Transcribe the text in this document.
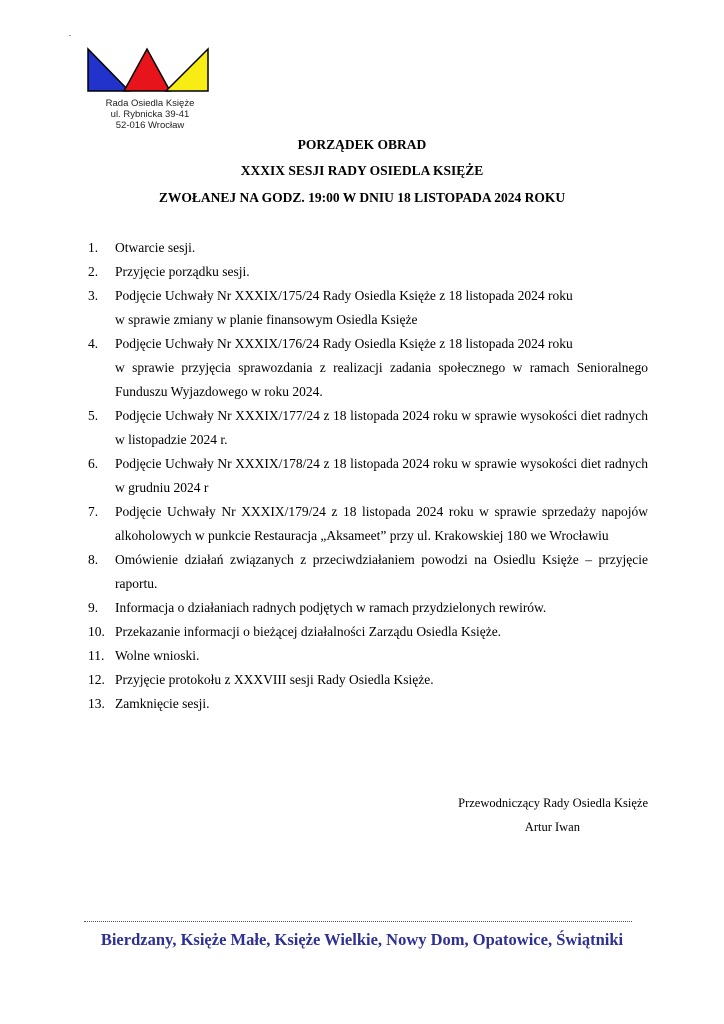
.
Rada Osiedla Księże
ul. Rybnicka 39-41
52-016 Wrocław
PORZĄDEK OBRAD
XXXIX SESJI RADY OSIEDLA KSIĘŻE
ZWOŁANEJ NA GODZ. 19:00 W DNIU 18 LISTOPADA 2024 ROKU
1. Otwarcie sesji.
2. Przyjęcie porządku sesji.
3. Podjęcie Uchwały Nr XXXIX/175/24 Rady Osiedla Księże z 18 listopada 2024 roku
w sprawie zmiany w planie finansowym Osiedla Księże
4. Podjęcie Uchwały Nr XXXIX/176/24 Rady Osiedla Księże z 18 listopada 2024 roku
w sprawie przyjęcia sprawozdania z realizacji zadania społecznego w ramach Senioralnego Funduszu Wyjazdowego w roku 2024.
5. Podjęcie Uchwały Nr XXXIX/177/24 z 18 listopada 2024 roku w sprawie wysokości diet radnych w listopadzie 2024 r.
6. Podjęcie Uchwały Nr XXXIX/178/24 z 18 listopada 2024 roku w sprawie wysokości diet radnych w grudniu 2024 r
7. Podjęcie Uchwały Nr XXXIX/179/24 z 18 listopada 2024 roku w sprawie sprzedaży napojów alkoholowych w punkcie Restauracja „Aksameet” przy ul. Krakowskiej 180 we Wrocławiu
8. Omówienie działań związanych z przeciwdziałaniem powodzi na Osiedlu Księże – przyjęcie raportu.
9. Informacja o działaniach radnych podjętych w ramach przydzielonych rewirów.
10. Przekazanie informacji o bieżącej działalności Zarządu Osiedla Księże.
11. Wolne wnioski.
12. Przyjęcie protokołu z XXXVIII sesji Rady Osiedla Księże.
13. Zamknięcie sesji.
Przewodniczący Rady Osiedla Księże
Artur Iwan
Bierdzany, Księże Małe, Księże Wielkie, Nowy Dom, Opatowice, Świątniki
